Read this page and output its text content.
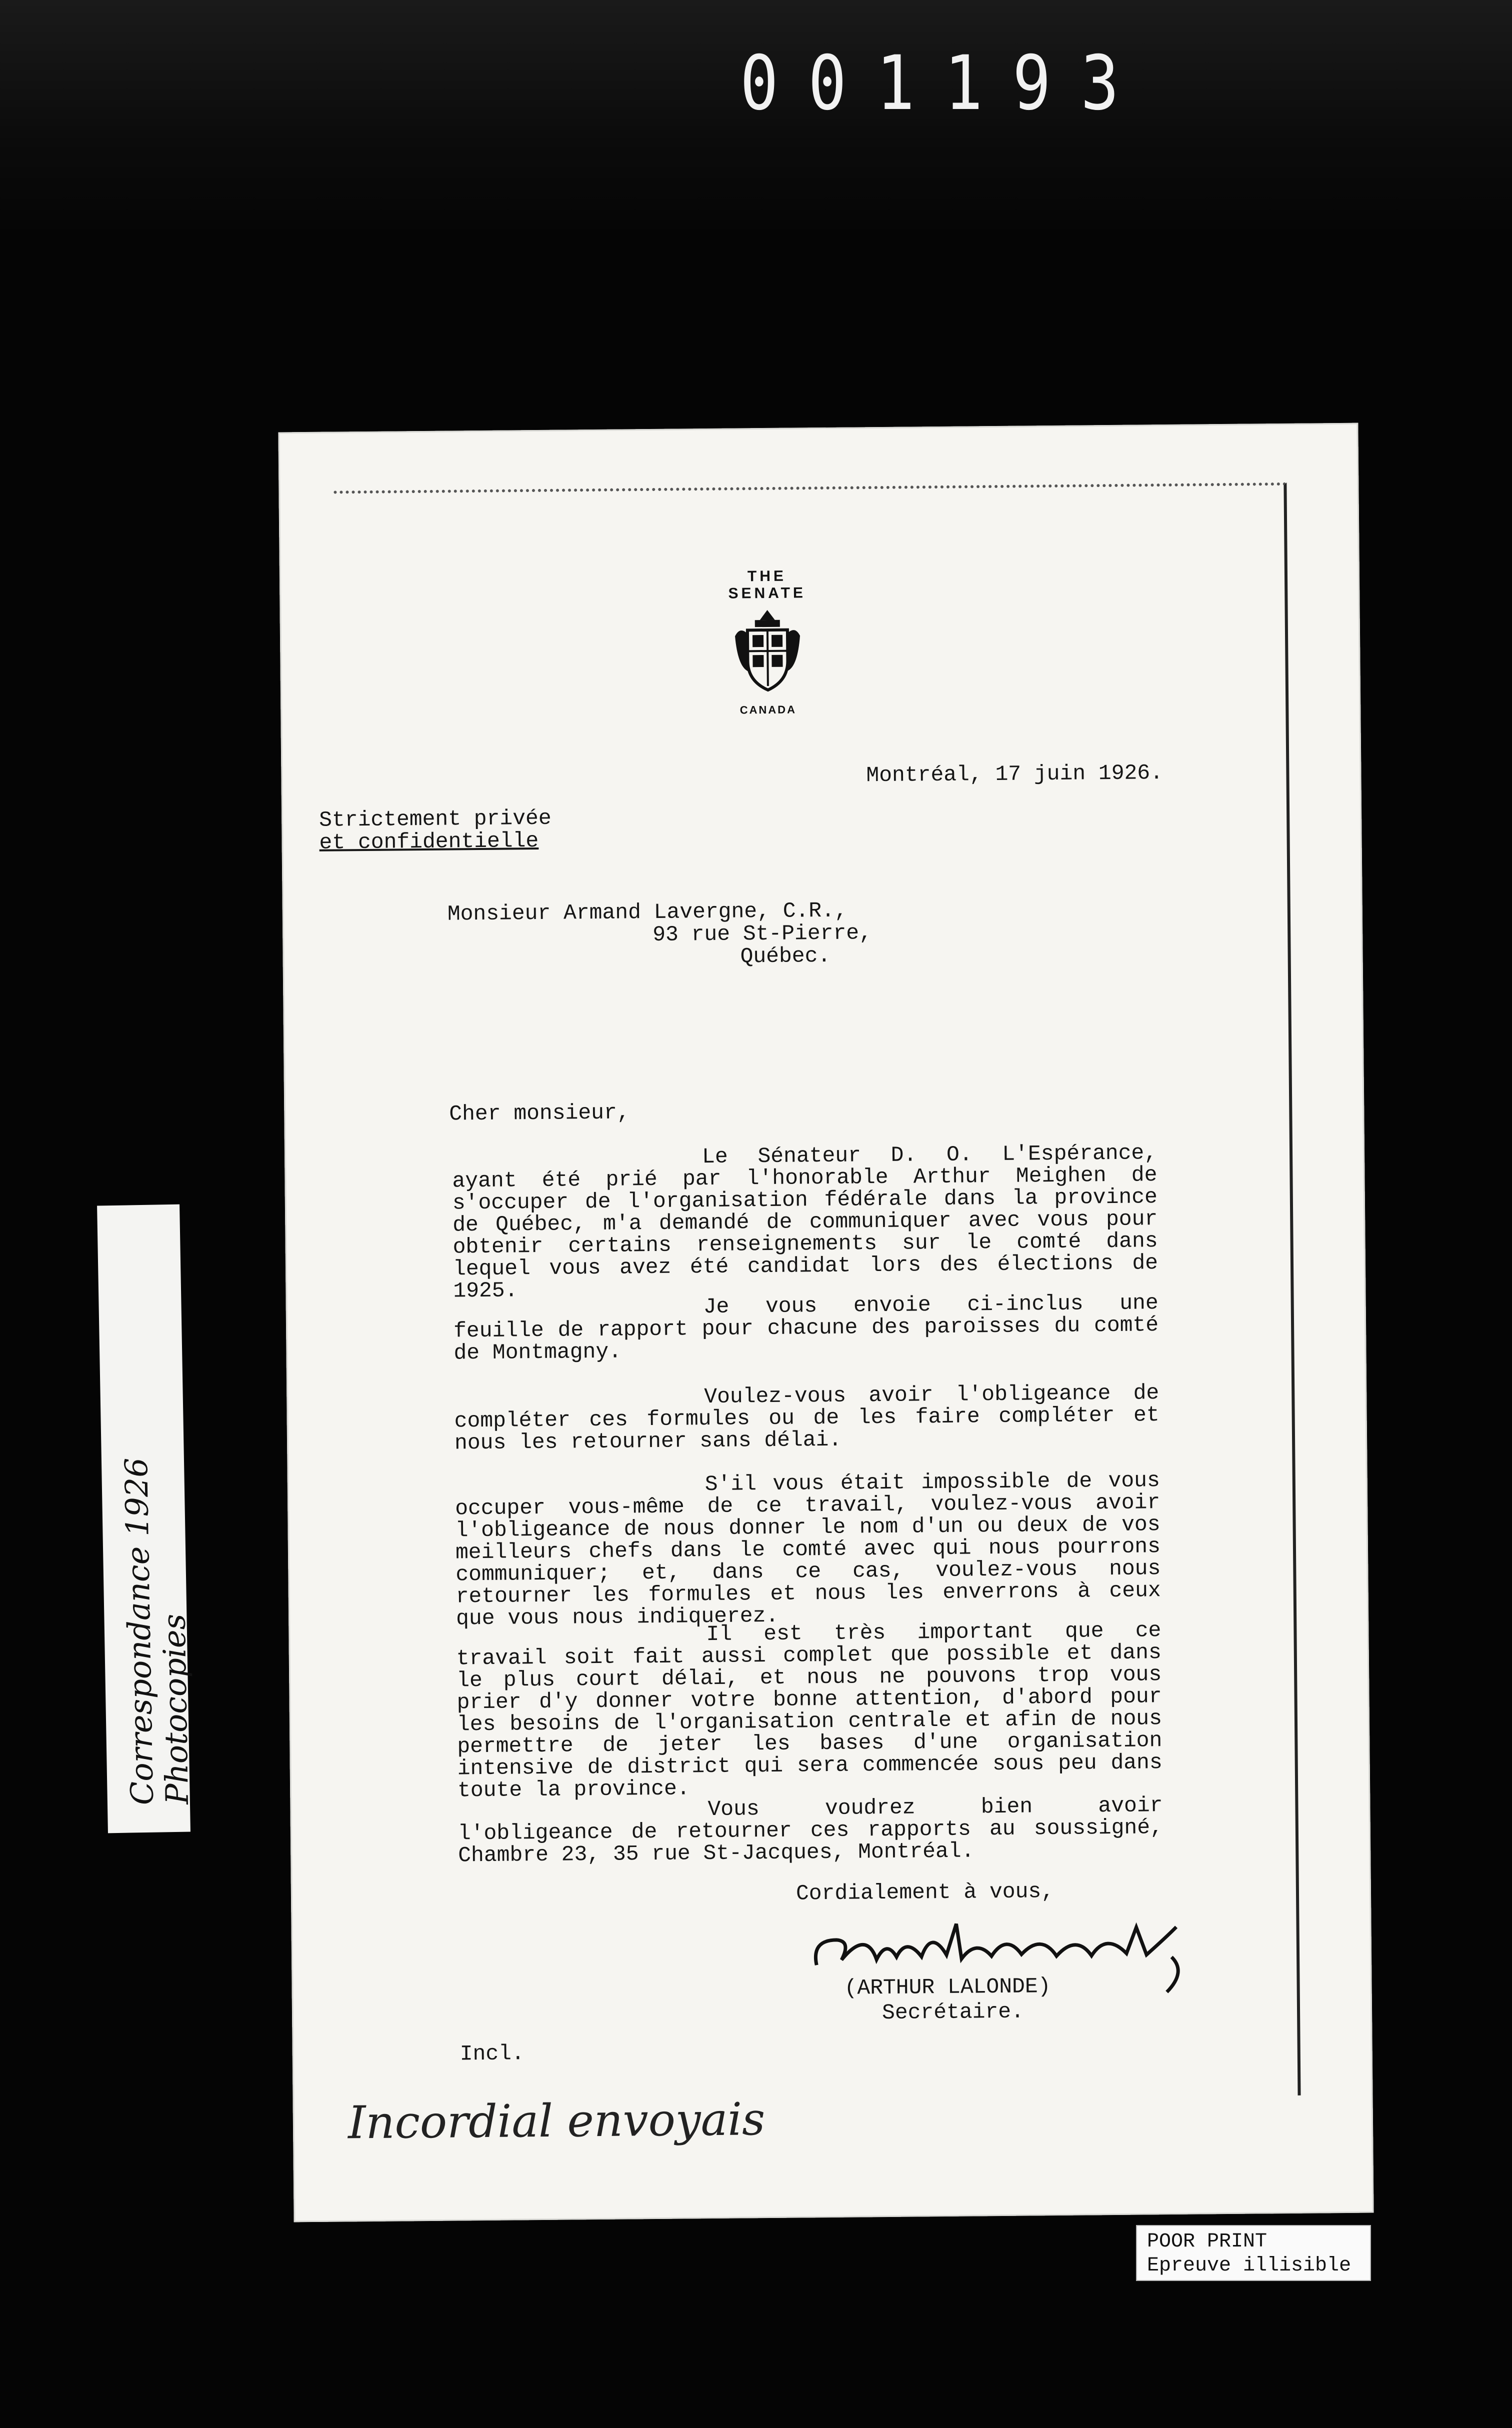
001193
THE SENATE
CANADA
Montréal, 17 juin 1926.
Strictement privée
et confidentielle
Monsieur Armand Lavergne, C.R.,
93 rue St-Pierre,
Québec.
Cher monsieur,
Le Sénateur D. O. L'Espérance, ayant été prié par l'honorable Arthur Meighen de s'occuper de l'organisation fédérale dans la province de Québec, m'a demandé de communiquer avec vous pour obtenir certains renseignements sur le comté dans lequel vous avez été candidat lors des élections de 1925.	Je vous envoie ci-inclus une feuille de rapport pour chacune des paroisses du comté de Montmagny.
Voulez-vous avoir l'obligeance de compléter ces formules ou de les faire compléter et nous les retourner sans délai.
S'il vous était impossible de vous occuper vous-même de ce travail, voulez-vous avoir l'obligeance de nous donner le nom d'un ou deux de vos meilleurs chefs dans le comté avec qui nous pourrons communiquer; et, dans ce cas, voulez-vous nous retourner les formules et nous les enverrons à ceux que vous nous indiquerez.
Il est très important que ce travail soit fait aussi complet que possible et dans le plus court délai, et nous ne pouvons trop vous prier d'y donner votre bonne attention, d'abord pour les besoins de l'organisation centrale et afin de nous permettre de jeter les bases d'une organisation intensive de district qui sera commencée sous peu dans toute la province.
Vous voudrez bien avoir l'obligeance de retourner ces rapports au soussigné, Chambre 23, 35 rue St-Jacques, Montréal.
Cordialement à vous,
(ARTHUR LALONDE)
Secrétaire.
Incl.
Incordial envoyais
Correspondance 1926
Photocopies
POOR PRINT
Epreuve illisible
